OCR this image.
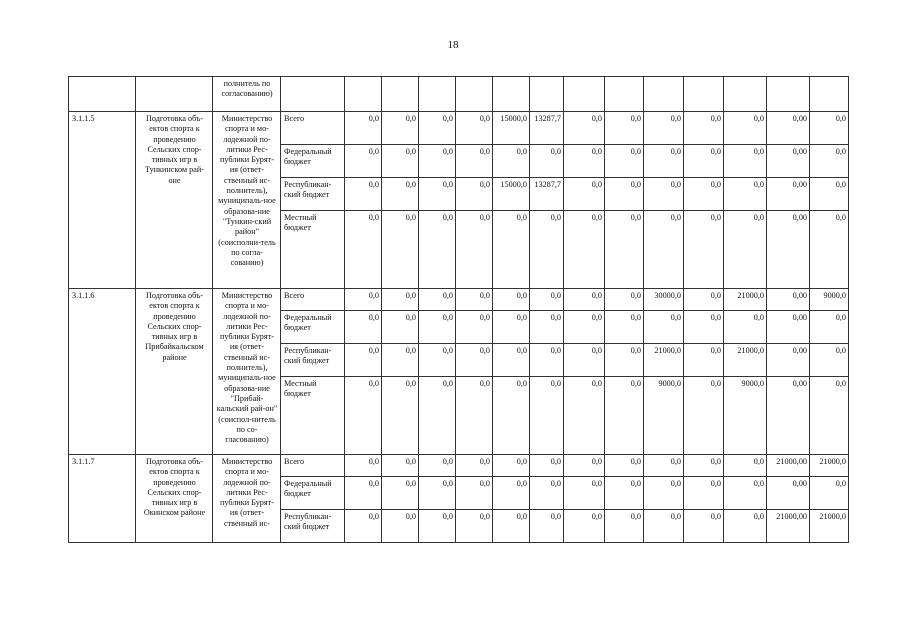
18
		полнитель по согласованию)														
3.1.1.5	Подготовка объ-ектов спорта к проведению Сельских спор-тивных игр в Тункинском рай-оне	Министерство спорта и мо-лодежной по-литики Рес-публики Бурят-ия (ответ-ственный ис-полнитель), муниципаль-ное образова-ние "Тункин-ский район" (соисполни-тель по согла-сованию)	Всего	0,0	0,0	0,0	0,0	15000,0	13287,7	0,0	0,0	0,0	0,0	0,0	0,00	0,0
			Федеральный бюджет	0,0	0,0	0,0	0,0	0,0	0,0	0,0	0,0	0,0	0,0	0,0	0,00	0,0
			Республикан-ский бюджет	0,0	0,0	0,0	0,0	15000,0	13287,7	0,0	0,0	0,0	0,0	0,0	0,00	0,0
			Местный бюджет	0,0	0,0	0,0	0,0	0,0	0,0	0,0	0,0	0,0	0,0	0,0	0,00	0,0
3.1.1.6	Подготовка объ-ектов спорта к проведению Сельских спор-тивных игр в Прибайкальском районе	Министерство спорта и мо-лодежной по-литики Рес-публики Бурят-ия (ответ-ственный ис-полнитель), муниципаль-ное образова-ние "Прибай-кальский рай-он" (соиспол-нитель по со-гласованию)	Всего	0,0	0,0	0,0	0,0	0,0	0,0	0,0	0,0	30000,0	0,0	21000,0	0,00	9000,0
			Федеральный бюджет	0,0	0,0	0,0	0,0	0,0	0,0	0,0	0,0	0,0	0,0	0,0	0,00	0,0
			Республикан-ский бюджет	0,0	0,0	0,0	0,0	0,0	0,0	0,0	0,0	21000,0	0,0	21000,0	0,00	0,0
			Местный бюджет	0,0	0,0	0,0	0,0	0,0	0,0	0,0	0,0	9000,0	0,0	9000,0	0,00	0,0
3.1.1.7	Подготовка объ-ектов спорта к проведению Сельских спор-тивных игр в Окинском районе	Министерство спорта и мо-лодежной по-литики Рес-публики Бурят-ия (ответ-ственный ис-	Всего	0,0	0,0	0,0	0,0	0,0	0,0	0,0	0,0	0,0	0,0	0,0	21000,00	21000,0
			Федеральный бюджет	0,0	0,0	0,0	0,0	0,0	0,0	0,0	0,0	0,0	0,0	0,0	0,00	0,0
			Республикан-ский бюджет	0,0	0,0	0,0	0,0	0,0	0,0	0,0	0,0	0,0	0,0	0,0	21000,00	21000,0
